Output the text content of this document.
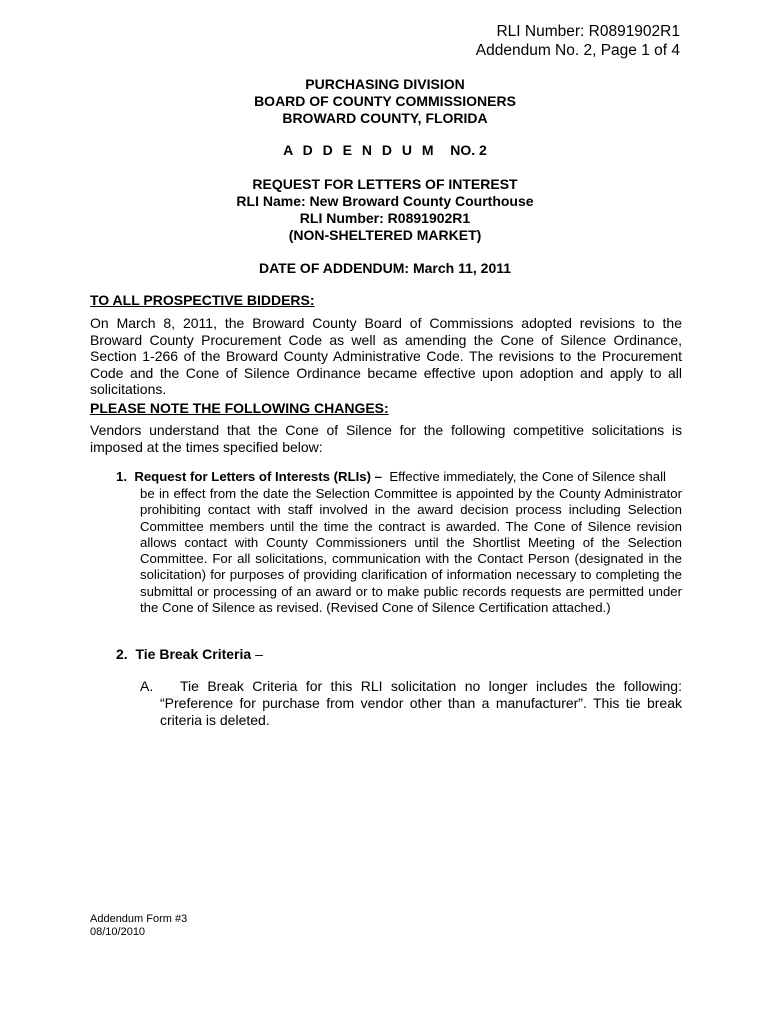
RLI Number: R0891902R1
Addendum No. 2, Page 1 of 4
PURCHASING DIVISION
BOARD OF COUNTY COMMISSIONERS
BROWARD COUNTY, FLORIDA
A D D E N D U M NO. 2
REQUEST FOR LETTERS OF INTEREST
RLI Name: New Broward County Courthouse
RLI Number: R0891902R1
(NON-SHELTERED MARKET)
DATE OF ADDENDUM: March 11, 2011
TO ALL PROSPECTIVE BIDDERS:
On March 8, 2011, the Broward County Board of Commissions adopted revisions to the Broward County Procurement Code as well as amending the Cone of Silence Ordinance, Section 1-266 of the Broward County Administrative Code. The revisions to the Procurement Code and the Cone of Silence Ordinance became effective upon adoption and apply to all solicitations.
PLEASE NOTE THE FOLLOWING CHANGES:
Vendors understand that the Cone of Silence for the following competitive solicitations is imposed at the times specified below:
1. Request for Letters of Interests (RLIs) – Effective immediately, the Cone of Silence shall
be in effect from the date the Selection Committee is appointed by the County Administrator prohibiting contact with staff involved in the award decision process including Selection Committee members until the time the contract is awarded. The Cone of Silence revision allows contact with County Commissioners until the Shortlist Meeting of the Selection Committee. For all solicitations, communication with the Contact Person (designated in the solicitation) for purposes of providing clarification of information necessary to completing the submittal or processing of an award or to make public records requests are permitted under the Cone of Silence as revised. (Revised Cone of Silence Certification attached.)
2. Tie Break Criteria –
A.	Tie Break Criteria for this RLI solicitation no longer includes the following: “Preference for purchase from vendor other than a manufacturer”. This tie break criteria is deleted.
Addendum Form #3
08/10/2010
